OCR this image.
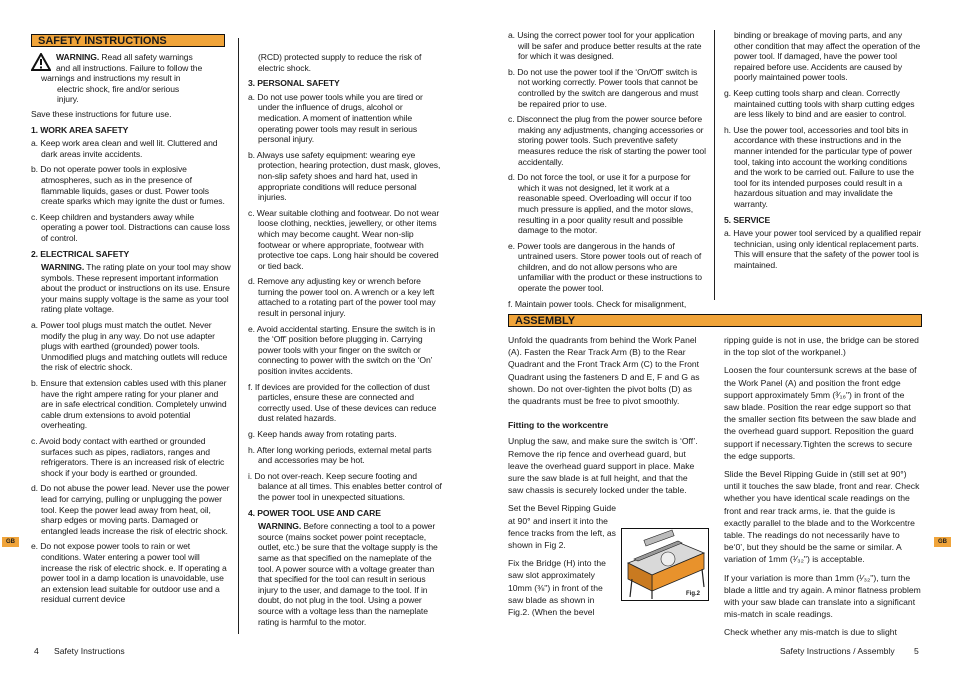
SAFETY INSTRUCTIONS
WARNING. Read all safety warnings
and all instructions. Failure to follow the
warnings and instructions my result in
electric shock, fire and/or serious
injury.

Save these instructions for future use.

1. WORK AREA SAFETY

a. Keep work area clean and well lit. Cluttered and dark areas invite accidents.

b. Do not operate power tools in explosive atmospheres, such as in the presence of flammable liquids, gases or dust. Power tools create sparks which may ignite the dust or fumes.

c. Keep children and bystanders away while operating a power tool. Distractions can cause loss of control.

2. ELECTRICAL SAFETY

WARNING. The rating plate on your tool may show symbols. These represent important information about the product or instructions on its use. Ensure your mains supply voltage is the same as your tool rating plate voltage.

a. Power tool plugs must match the outlet. Never modify the plug in any way. Do not use adapter plugs with earthed (grounded) power tools. Unmodified plugs and matching outlets will reduce the risk of electric shock.

b. Ensure that extension cables used with this planer have the right ampere rating for your planer and are in safe electrical condition. Completely unwind cable drum extensions to avoid potential overheating.

c. Avoid body contact with earthed or grounded surfaces such as pipes, radiators, ranges and refrigerators. There is an increased risk of electric shock if your body is earthed or grounded.

d. Do not abuse the power lead. Never use the power lead for carrying, pulling or unplugging the power tool. Keep the power lead away from heat, oil, sharp edges or moving parts. Damaged or entangled leads increase the risk of electric shock.

e. Do not expose power tools to rain or wet conditions. Water entering a power tool will increase the risk of electric shock. e. If operating a power tool in a damp location is unavoidable, use an extension lead suitable for outdoor use and a residual current device

(RCD) protected supply to reduce the risk of electric shock.

3. PERSONAL SAFETY

a. Do not use power tools while you are tired or under the influence of drugs, alcohol or medication. A moment of inattention while operating power tools may result in serious personal injury.

b. Always use safety equipment: wearing eye protection, hearing protection, dust mask, gloves, non-slip safety shoes and hard hat, used in appropriate conditions will reduce personal injuries.

c. Wear suitable clothing and footwear. Do not wear loose clothing, neckties, jewellery, or other items which may become caught. Wear non-slip footwear or where appropriate, footwear with protective toe caps. Long hair should be covered or tied back.

d. Remove any adjusting key or wrench before turning the power tool on. A wrench or a key left attached to a rotating part of the power tool may result in personal injury.

e. Avoid accidental starting. Ensure the switch is in the ‘Off’ position before plugging in. Carrying power tools with your finger on the switch or connecting to power with the switch on the ‘On’ position invites accidents.

f. If devices are provided for the collection of dust particles, ensure these are connected and correctly used. Use of these devices can reduce dust related hazards.

g. Keep hands away from rotating parts.

h. After long working periods, external metal parts and accessories may be hot.

i. Do not over-reach. Keep secure footing and balance at all times. This enables better control of the power tool in unexpected situations.

4. POWER TOOL USE AND CARE

WARNING. Before connecting a tool to a power source (mains socket power point receptacle, outlet, etc.) be sure that the voltage supply is the same as that specified on the nameplate of the tool. A power source with a voltage greater than that specified for the tool can result in serious injury to the user, and damage to the tool. If in doubt, do not plug in the tool. Using a power source with a voltage less than the nameplate rating is harmful to the motor.

GB
4 Safety Instructions

a. Using the correct power tool for your application will be safer and produce better results at the rate for which it was designed.

b. Do not use the power tool if the ‘On/Off’ switch is not working correctly. Power tools that cannot be controlled by the switch are dangerous and must be repaired prior to use.

c. Disconnect the plug from the power source before making any adjustments, changing accessories or storing power tools. Such preventive safety measures reduce the risk of starting the power tool accidentally.

d. Do not force the tool, or use it for a purpose for which it was not designed, let it work at a reasonable speed. Overloading will occur if too much pressure is applied, and the motor slows, resulting in a poor quality result and possible damage to the motor.

e. Power tools are dangerous in the hands of untrained users. Store power tools out of reach of children, and do not allow persons who are unfamiliar with the product or these instructions to operate the power tool.

f. Maintain power tools. Check for misalignment,

binding or breakage of moving parts, and any other condition that may affect the operation of the power tool. If damaged, have the power tool repaired before use. Accidents are caused by poorly maintained power tools.

g. Keep cutting tools sharp and clean. Correctly maintained cutting tools with sharp cutting edges are less likely to bind and are easier to control.

h. Use the power tool, accessories and tool bits in accordance with these instructions and in the manner intended for the particular type of power tool, taking into account the working conditions and the work to be carried out. Failure to use the tool for its intended purposes could result in a hazardous situation and may invalidate the warranty.

5. SERVICE

a. Have your power tool serviced by a qualified repair technician, using only identical replacement parts. This will ensure that the safety of the power tool is maintained.

ASSEMBLY

Unfold the quadrants from behind the Work Panel (A). Fasten the Rear Track Arm (B) to the Rear Quadrant and the Front Track Arm (C) to the Front Quadrant using the fasteners D and E, F and G as shown. Do not over-tighten the pivot bolts (D) as the quadrants must be free to pivot smoothly.

Fitting to the workcentre

Unplug the saw, and make sure the switch is ‘Off’. Remove the rip fence and overhead guard, but leave the overhead guard support in place. Make sure the saw blade is at full height, and that the saw chassis is securely locked under the table.

Set the Bevel Ripping Guide at 90° and insert it into the fence tracks from the left, as shown in Fig 2.

Fix the Bridge (H) into the saw slot approximately 10mm (⅜") in front of the saw blade as shown in Fig.2. (When the bevel

Fig.2

ripping guide is not in use, the bridge can be stored in the top slot of the workpanel.)

Loosen the four countersunk screws at the base of the Work Panel (A) and position the front edge support approximately 5mm (³⁄₁₆") in front of the saw blade. Position the rear edge support so that the smaller section fits between the saw blade and the overhead guard support. Reposition the guard support if necessary.Tighten the screws to secure the edge supports.

Slide the Bevel Ripping Guide in (still set at 90°) until it touches the saw blade, front and rear. Check whether you have identical scale readings on the front and rear track arms, ie. that the guide is exactly parallel to the blade and to the Workcentre table. The readings do not necessarily have to be‘0’, but they should be the same or similar. A variation of 1mm (¹⁄₃₂") is acceptable.

If your variation is more than 1mm (¹⁄₃₂"), turn the blade a little and try again. A minor flatness problem with your saw blade can translate into a significant mis-match in scale readings.

Check whether any mis-match is due to slight

GB
Safety Instructions / Assembly 5
